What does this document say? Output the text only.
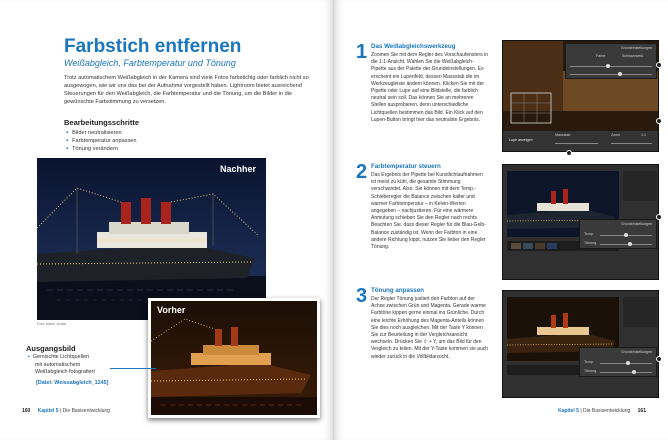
Farbstich entfernen
Weißabgleich, Farbtemperatur und Tönung
Trotz automatischem Weißabgleich in der Kamera sind viele Fotos farbstichig oder farblich nicht so ausgewogen, wie wir uns das bei der Aufnahme vorgestellt haben. Lightroom bietet ausreichend Steuerungen für den Weißabgleich, die Farbtemperatur und die Tönung, um die Bilder in die gewünschte Farbstimmung zu versetzen.
Bearbeitungsschritte
▪ Bilder neutralisieren
▪ Farbtemperatur anpassen
▪ Tönung verändern
Nachher
Foto: Martin Jordan
Vorher
Ausgangsbild
▪ Gemischte Lichtquellen
mit automatischem
Weißabgleich fotografiert
[Datei: Weissabgleich_1245]
160 Kapitel 5 | Die Basisentwicklung
1 Das Weißabgleichswerkzeug
Zoomen Sie mit dem Regler des Vorschaufensters in die 1:1-Ansicht. Wählen Sie die Weißabgleich-Pipette aus der Palette der Grundeinstellungen. Es erscheint ein Lupenfeld, dessen Massstab die im Werkzeugleiste ändern können. Klicken Sie mit der Pipette oder Lupe auf eine Bildstelle, die farblich neutral sein soll. Das können Sie an mehreren Stellen ausprobieren, denn unterschiedliche Lichtquellen bestimmen das Bild. Ein Klick auf den Lupen-Button bringt hier das neutralste Ergebnis.
Grundeinstellungen
Farbe	Schwarzweiß
Lupe anzeigen
Massstab	Zoom	1:1
2 Farbtemperatur steuern
Das Ergebnis der Pipette bei Kunstlichtaufnahmen ist meist zu kühl, die gesamte Stimmung verschwindet. Also: Sie können mit dem Temp.-Schieberegler die Balance zwischen kalter und warmer Farbtemperatur – in Kelvin-Werten angegeben – nachjustieren. Für eine wärmere Anmutung schieben Sie den Regler nach rechts. Beachten Sie, dass dieser Regler für die Blau-Gelb-Balance zuständig ist. Wenn der Farbton in eine andere Richtung kippt, nutzen Sie lieber den Regler Tönung.
Grundeinstellungen
Temp.
Tönung
3 Tönung anpassen
Der Regler Tönung justiert den Farbton auf der Achse zwischen Grün und Magenta. Gerade warme Farbtöne kippen gerne einmal ins Grünliche. Durch eine leichte Erhöhung des Magenta-Anteils können Sie dies noch ausgleichen. Mit der Taste Y können Sie zur Beurteilung in der Vergleichsansicht wechseln. Drücken Sie ⇧ + Y, um das Bild für den Vergleich zu teilen. Mit der Y-Taste kommen sie auch wieder zurück in die Vollbildansicht.
Grundeinstellungen
Temp.
Tönung
Kapitel 5 | Die Basisentwicklung 161
